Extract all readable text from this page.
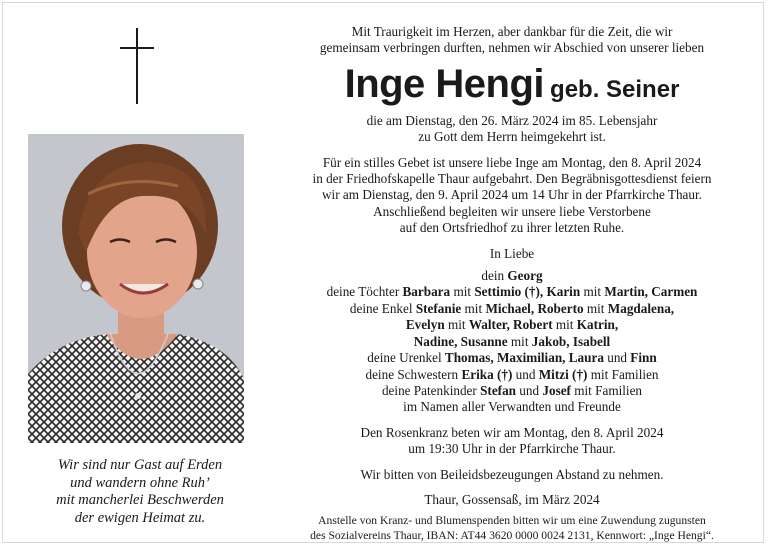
Wir sind nur Gast auf Erden
und wandern ohne Ruh’
mit mancherlei Beschwerden
der ewigen Heimat zu.
Mit Traurigkeit im Herzen, aber dankbar für die Zeit, die wir
gemeinsam verbringen durften, nehmen wir Abschied von unserer lieben
Inge Hengi geb. Seiner
die am Dienstag, den 26. März 2024 im 85. Lebensjahr
zu Gott dem Herrn heimgekehrt ist.
Für ein stilles Gebet ist unsere liebe Inge am Montag, den 8. April 2024
in der Friedhofskapelle Thaur aufgebahrt. Den Begräbnisgottesdienst feiern
wir am Dienstag, den 9. April 2024 um 14 Uhr in der Pfarrkirche Thaur.
Anschließend begleiten wir unsere liebe Verstorbene
auf den Ortsfriedhof zu ihrer letzten Ruhe.
In Liebe
dein Georg
deine Töchter Barbara mit Settimio (†), Karin mit Martin, Carmen
deine Enkel Stefanie mit Michael, Roberto mit Magdalena,
Evelyn mit Walter, Robert mit Katrin,
Nadine, Susanne mit Jakob, Isabell
deine Urenkel Thomas, Maximilian, Laura und Finn
deine Schwestern Erika (†) und Mitzi (†) mit Familien
deine Patenkinder Stefan und Josef mit Familien
im Namen aller Verwandten und Freunde
Den Rosenkranz beten wir am Montag, den 8. April 2024
um 19:30 Uhr in der Pfarrkirche Thaur.
Wir bitten von Beileidsbezeugungen Abstand zu nehmen.
Thaur, Gossensaß, im März 2024
Anstelle von Kranz- und Blumenspenden bitten wir um eine Zuwendung zugunsten
des Sozialvereins Thaur, IBAN: AT44 3620 0000 0024 2131, Kennwort: „Inge Hengi“.
